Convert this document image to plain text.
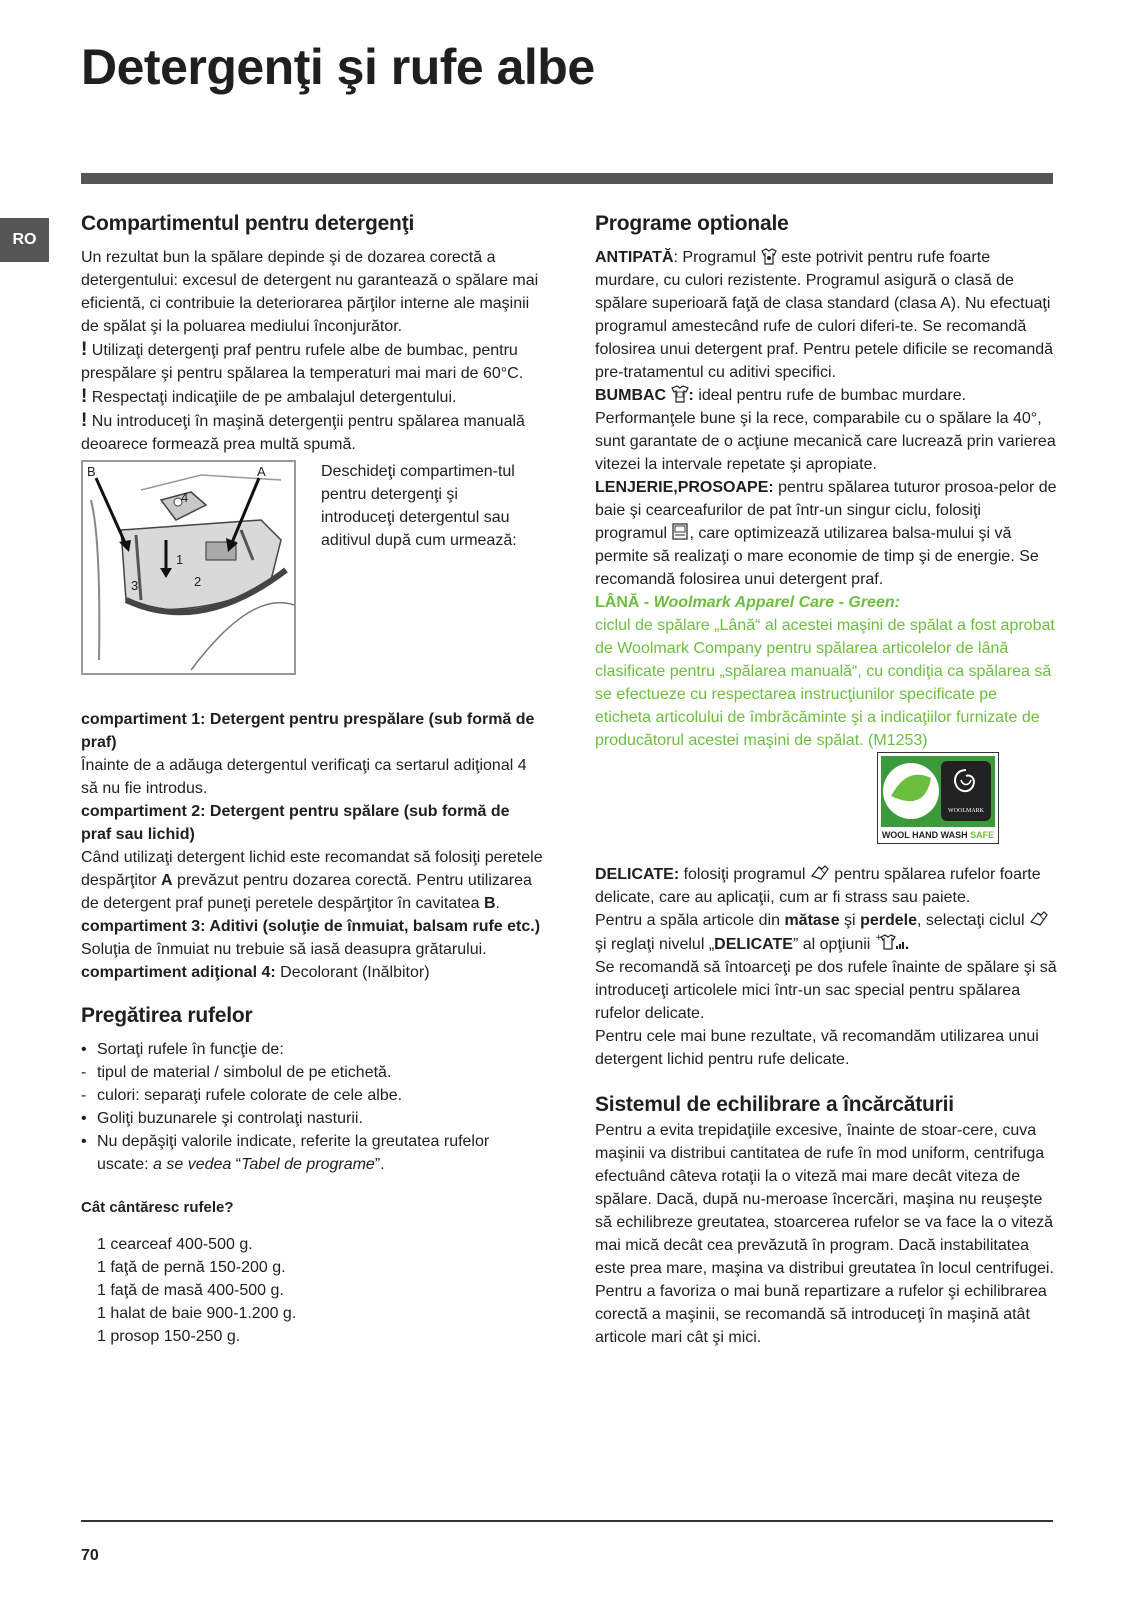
Detergenţi şi rufe albe
RO
Compartimentul pentru detergenţi

Un rezultat bun la spălare depinde şi de dozarea corectă a detergentului: excesul de detergent nu garantează o spălare mai eficientă, ci contribuie la deteriorarea părţilor interne ale maşinii de spălat şi la poluarea mediului înconjurător.

! Utilizaţi detergenţi praf pentru rufele albe de bumbac, pentru prespălare şi pentru spălarea la temperaturi mai mari de 60°C.

! Respectaţi indicaţiile de pe ambalajul detergentului.

! Nu introduceţi în maşină detergenţii pentru spălarea manuală deoarece formează prea multă spumă.

B	A
1
2
3
4

Deschideţi compartimen-tul pentru detergenţi şi introduceţi detergentul sau aditivul după cum urmează:

compartiment 1: Detergent pentru prespălare (sub formă de praf)

Înainte de a adăuga detergentul verificaţi ca sertarul adiţional 4 să nu fie introdus.

compartiment 2: Detergent pentru spălare (sub formă de praf sau lichid)

Când utilizaţi detergent lichid este recomandat să folosiţi peretele despărţitor A prevăzut pentru dozarea corectă. Pentru utilizarea de detergent praf puneţi peretele despărţitor în cavitatea B.

compartiment 3: Aditivi (soluţie de înmuiat, balsam rufe etc.)

Soluţia de înmuiat nu trebuie să iasă deasupra grătarului.

compartiment adiţional 4: Decolorant (Inălbitor)

Pregătirea rufelor
• Sortaţi rufele în funcţie de:
- tipul de material / simbolul de pe etichetă.
- culori: separaţi rufele colorate de cele albe.
• Goliţi buzunarele şi controlaţi nasturii.
• Nu depăşiţi valorile indicate, referite la greutatea rufelor uscate: a se vedea “Tabel de programe”.

Cât cântăresc rufele?

1 cearceaf 400-500 g.

1 faţă de pernă 150-200 g.

1 faţă de masă 400-500 g.

1 halat de baie 900-1.200 g.

1 prosop 150-250 g.

Programe optionale

ANTIPATĂ: Programul  este potrivit pentru rufe foarte murdare, cu culori rezistente. Programul asigură o clasă de spălare superioară faţă de clasa standard (clasa A). Nu efectuaţi programul amestecând rufe de culori diferi-te. Se recomandă folosirea unui detergent praf. Pentru petele dificile se recomandă pre-tratamentul cu aditivi specifici.

BUMBAC : ideal pentru rufe de bumbac murdare. Performanţele bune şi la rece, comparabile cu o spălare la 40°, sunt garantate de o acţiune mecanică care lucrează prin varierea vitezei la intervale repetate şi apropiate.

LENJERIE,PROSOAPE: pentru spălarea tuturor prosoa-pelor de baie şi cearceafurilor de pat într-un singur ciclu, folosiţi programul , care optimizează utilizarea balsa-mului şi vă permite să realizaţi o mare economie de timp şi de energie. Se recomandă folosirea unui detergent praf.

LÂNĂ - Woolmark Apparel Care - Green:

ciclul de spălare „Lână“ al acestei maşini de spălat a fost aprobat de Woolmark Company pentru spălarea articolelor de lână clasificate pentru „spălarea manuală“, cu condiţia ca spălarea să se efectueze cu respectarea instrucţiunilor specificate pe eticheta articolului de îmbrăcăminte şi a indicaţiilor furnizate de producătorul acestei maşini de spălat. (M1253)

WOOLMARK
WOOL HAND WASH SAFE

DELICATE: folosiţi programul  pentru spălarea rufelor foarte delicate, care au aplicaţii, cum ar fi strass sau paiete.

Pentru a spăla articole din mătase şi perdele, selectaţi ciclul  şi reglaţi nivelul „DELICATE” al opţiunii + .

Se recomandă să întoarceţi pe dos rufele înainte de spălare şi să introduceţi articolele mici într-un sac special pentru spălarea rufelor delicate.

Pentru cele mai bune rezultate, vă recomandăm utilizarea unui detergent lichid pentru rufe delicate.

Sistemul de echilibrare a încărcăturii

Pentru a evita trepidaţiile excesive, înainte de stoar-cere, cuva maşinii va distribui cantitatea de rufe în mod uniform, centrifuga efectuând câteva rotaţii la o viteză mai mare decât viteza de spălare. Dacă, după nu-meroase încercări, maşina nu reuşeşte să echilibreze greutatea, stoarcerea rufelor se va face la o viteză mai mică decât cea prevăzută în program. Dacă instabilitatea este prea mare, maşina va distribui greutatea în locul centrifugei. Pentru a favoriza o mai bună repartizare a rufelor şi echilibrarea corectă a maşinii, se recomandă să introduceţi în maşină atât articole mari cât şi mici.

70
